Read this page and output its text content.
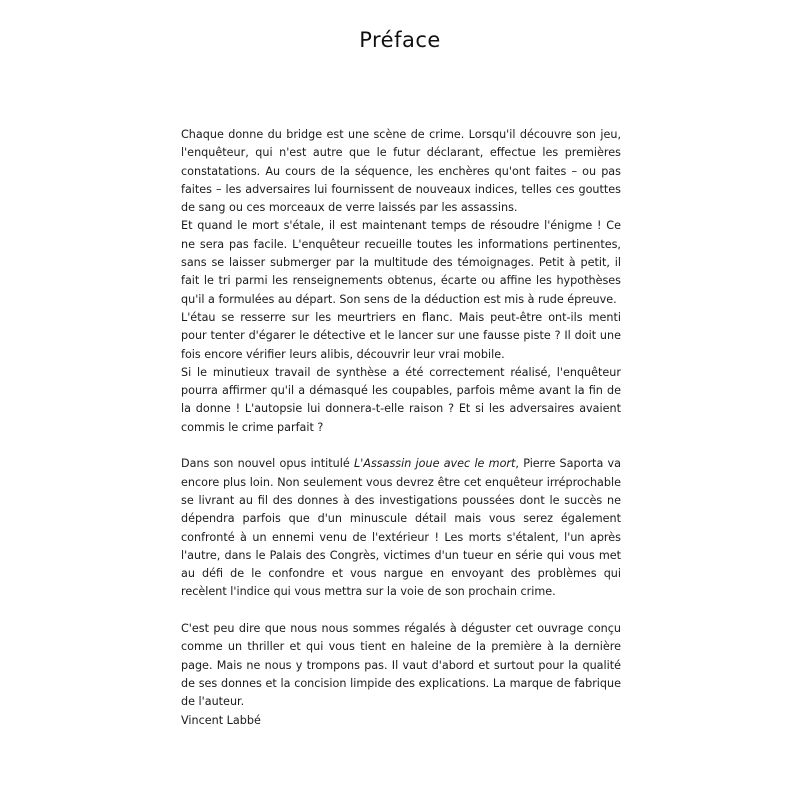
Préface

Chaque donne du bridge est une scène de crime. Lorsqu'il découvre son jeu, l'enquêteur, qui n'est autre que le futur déclarant, effectue les premières constatations. Au cours de la séquence, les enchères qu'ont faites – ou pas faites – les adversaires lui fournissent de nouveaux indices, telles ces gouttes de sang ou ces morceaux de verre laissés par les assassins.

Et quand le mort s'étale, il est maintenant temps de résoudre l'énigme ! Ce ne sera pas facile. L'enquêteur recueille toutes les informations pertinentes, sans se laisser submerger par la multitude des témoignages. Petit à petit, il fait le tri parmi les renseignements obtenus, écarte ou affine les hypothèses qu'il a formulées au départ. Son sens de la déduction est mis à rude épreuve.

L'étau se resserre sur les meurtriers en flanc. Mais peut-être ont-ils menti pour tenter d'égarer le détective et le lancer sur une fausse piste ? Il doit une fois encore vérifier leurs alibis, découvrir leur vrai mobile.

Si le minutieux travail de synthèse a été correctement réalisé, l'enquêteur pourra affirmer qu'il a démasqué les coupables, parfois même avant la fin de la donne ! L'autopsie lui donnera-t-elle raison ? Et si les adversaires avaient commis le crime parfait ?

Dans son nouvel opus intitulé L'Assassin joue avec le mort, Pierre Saporta va encore plus loin. Non seulement vous devrez être cet enquêteur irréprochable se livrant au fil des donnes à des investigations poussées dont le succès ne dépendra parfois que d'un minuscule détail mais vous serez également confronté à un ennemi venu de l'extérieur ! Les morts s'étalent, l'un après l'autre, dans le Palais des Congrès, victimes d'un tueur en série qui vous met au défi de le confondre et vous nargue en envoyant des problèmes qui recèlent l'indice qui vous mettra sur la voie de son prochain crime.

C'est peu dire que nous nous sommes régalés à déguster cet ouvrage conçu comme un thriller et qui vous tient en haleine de la première à la dernière page. Mais ne nous y trompons pas. Il vaut d'abord et surtout pour la qualité de ses donnes et la concision limpide des explications. La marque de fabrique de l'auteur.

Vincent Labbé
